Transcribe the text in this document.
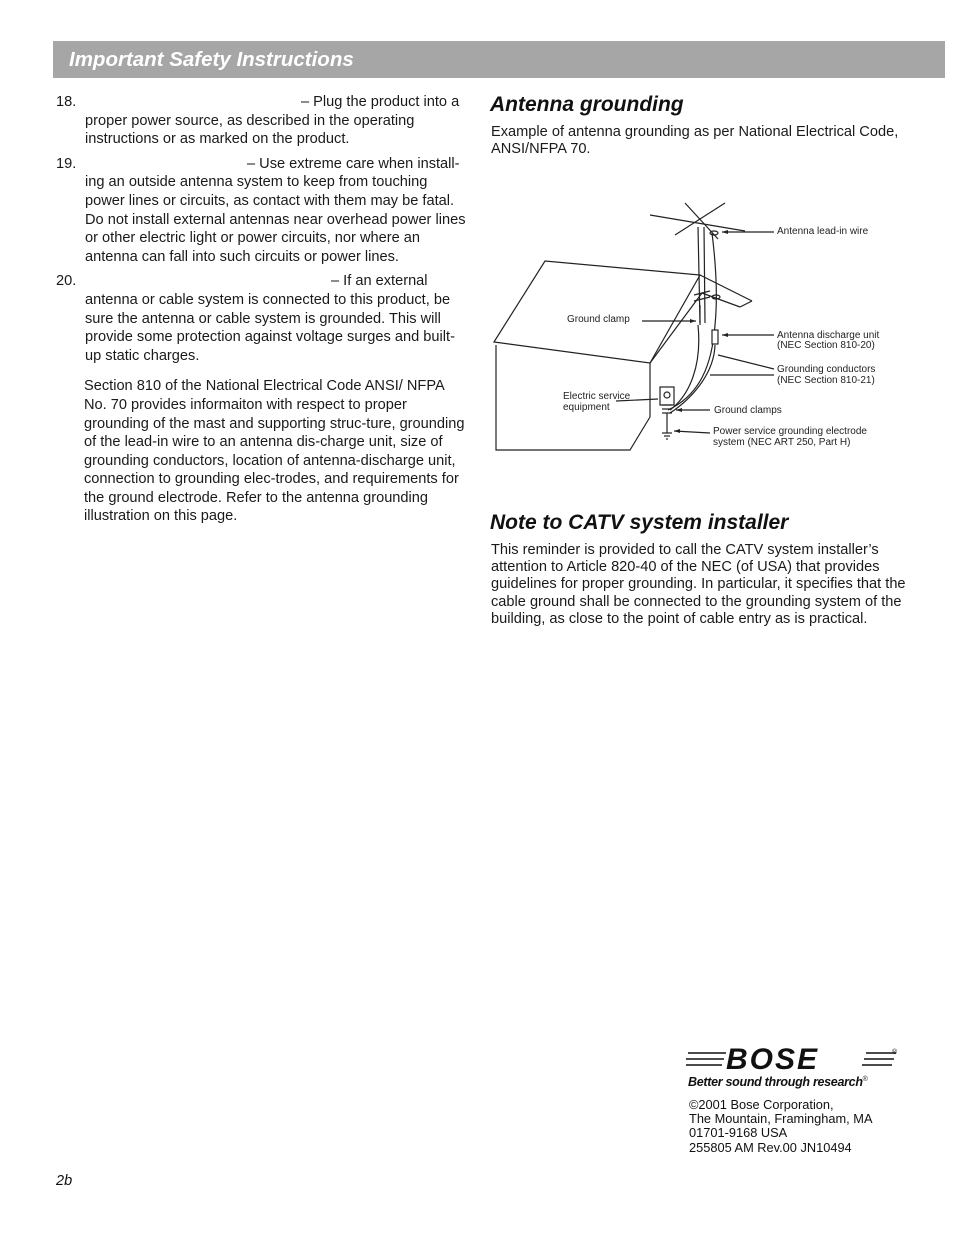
Important Safety Instructions
18.	– Plug the product into a proper power source, as described in the operating instructions or as marked on the product.

19.	– Use extreme care when install-ing an outside antenna system to keep from touching power lines or circuits, as contact with them may be fatal. Do not install external antennas near overhead power lines or other electric light or power circuits, nor where an antenna can fall into such circuits or power lines.

20.	– If an external antenna or cable system is connected to this product, be sure the antenna or cable system is grounded. This will provide some protection against voltage surges and built-up static charges.

Section 810 of the National Electrical Code ANSI/ NFPA No. 70 provides informaiton with respect to proper grounding of the mast and supporting struc-ture, grounding of the lead-in wire to an antenna dis-charge unit, size of grounding conductors, location of antenna-discharge unit, connection to grounding elec-trodes, and requirements for the ground electrode. Refer to the antenna grounding illustration on this page.

Antenna grounding

Example of antenna grounding as per National Electrical Code, ANSI/NFPA 70.

Antenna lead-in wire
Ground clamp
Antenna discharge unit
(NEC Section 810-20)
Grounding conductors
(NEC Section 810-21)
Electric service
equipment	Ground clamps
Power service grounding electrode
system (NEC ART 250, Part H)
Note to CATV system installer

This reminder is provided to call the CATV system installer’s attention to Article 820-40 of the NEC (of USA) that provides guidelines for proper grounding. In particular, it specifies that the cable ground shall be connected to the grounding system of the building, as close to the point of cable entry as is practical.

BOSE	®

Better sound through research®

©2001 Bose Corporation,
The Mountain, Framingham, MA
01701-9168 USA
255805 AM Rev.00 JN10494

2b
